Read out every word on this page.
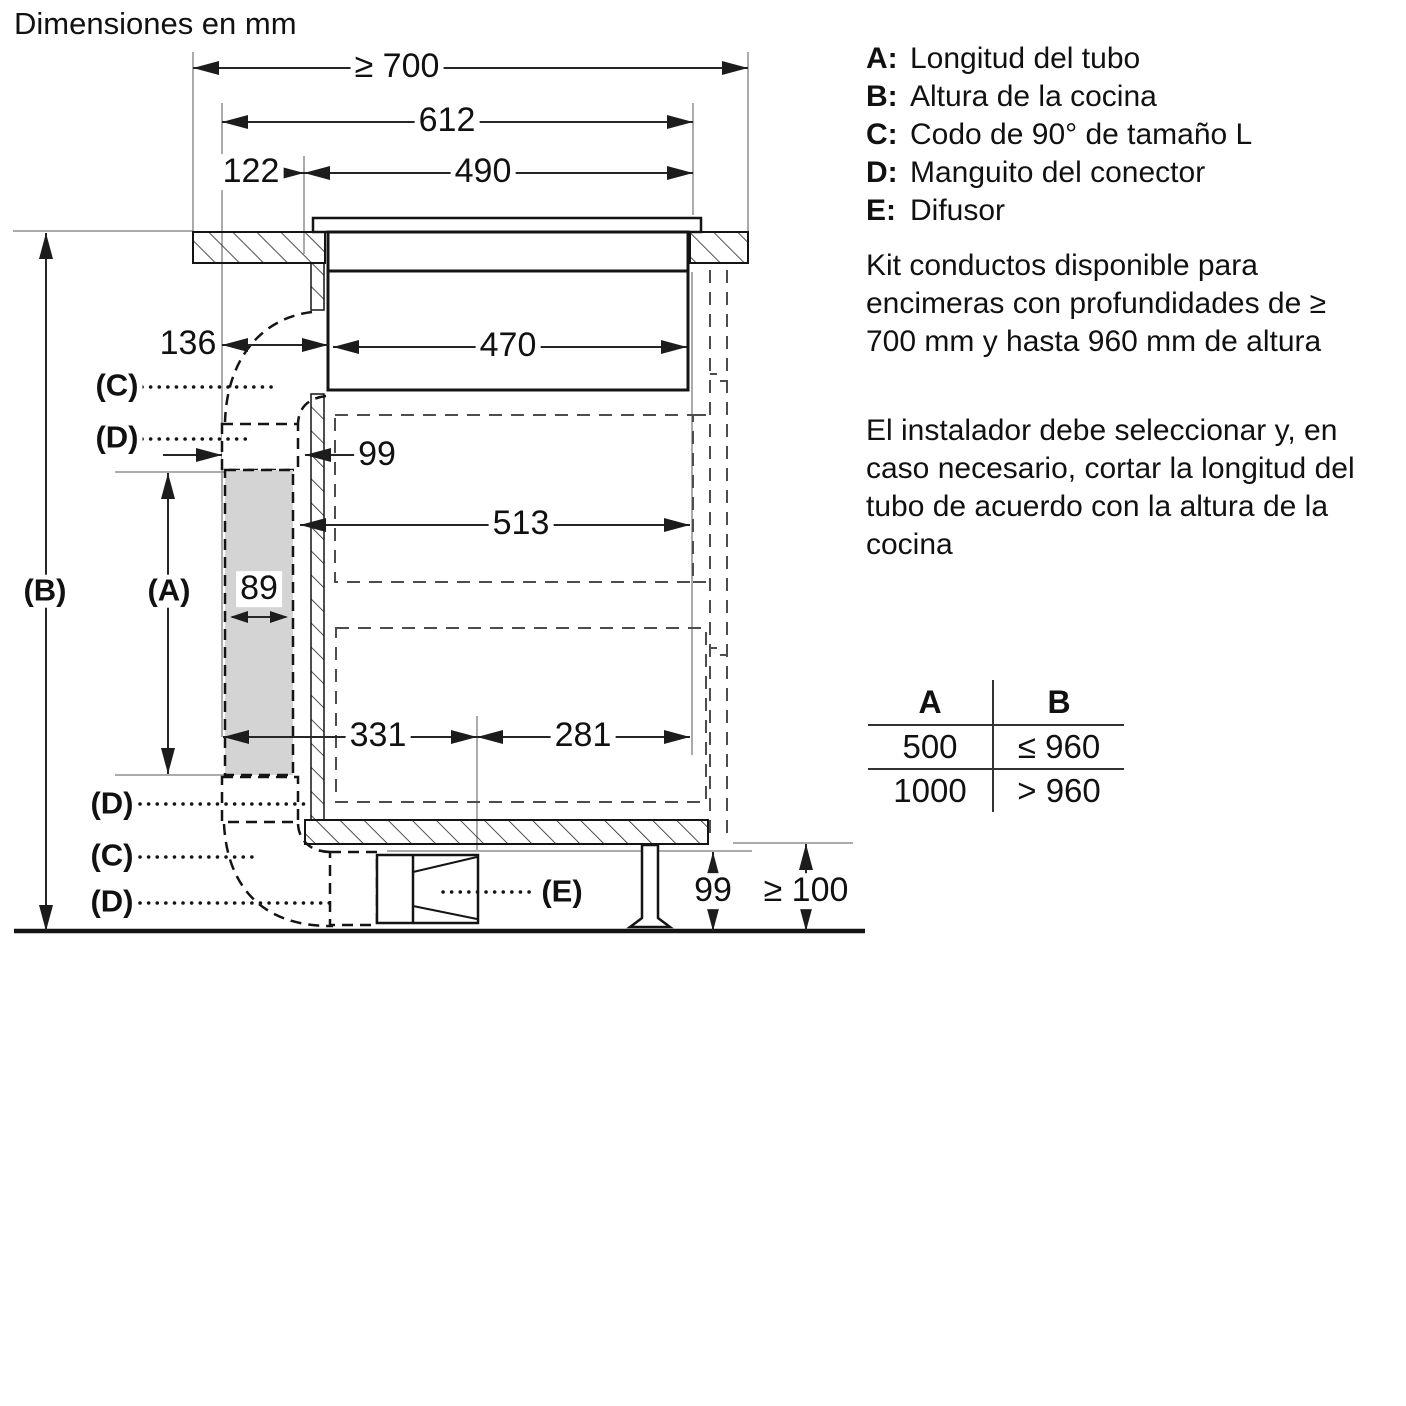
Dimensiones en mm
≥ 700
612
122	490
136	470
99
513
89
331	281
99 ≥ 100
(B)	(A)
(C)
(D)
(D)
(C)
(D)	(E)
A: Longitud del tubo
B: Altura de la cocina
C: Codo de 90° de tamaño L
D: Manguito del conector
E: Difusor
Kit conductos disponible para encimeras con profundidades de ≥ 700 mm y hasta 960 mm de altura
El instalador debe seleccionar y, en caso necesario, cortar la longitud del tubo de acuerdo con la altura de la cocina
A	B
500	≤ 960
1000	> 960
